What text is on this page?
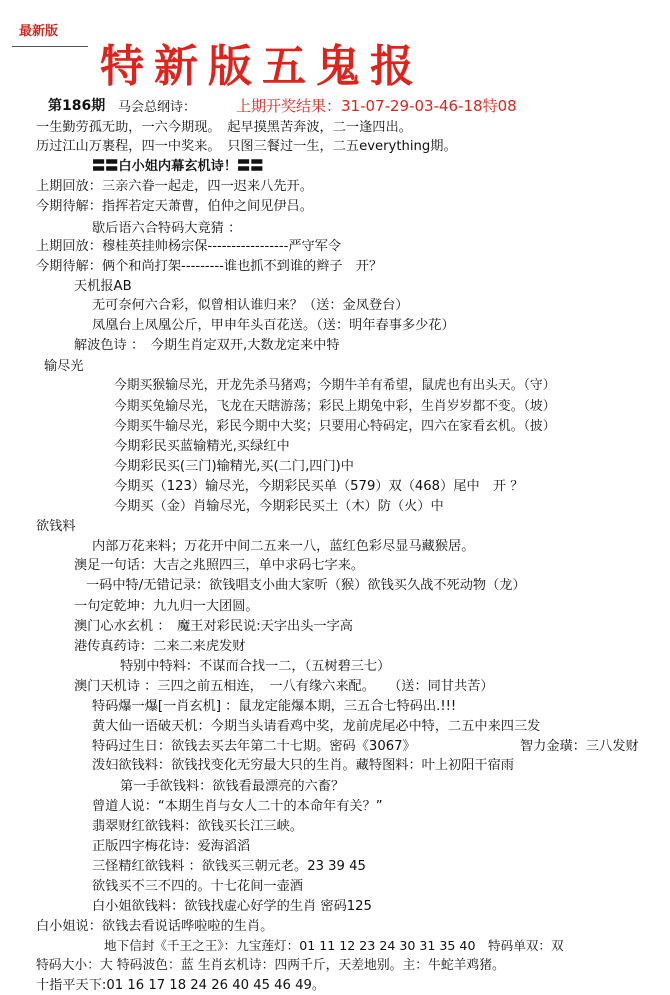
最新版
特新版五鬼报
第186期 马会总纲诗：	上期开奖结果：31-07-29-03-46-18特08
一生勤劳孤无助，一六今期现。　起早摸黑苦奔波，二一逢四出。
历过江山万裹程，四一中奖来。　只图三餐过一生，二五everything期。
〓〓白小姐内幕玄机诗！〓〓
上期回放：三亲六眷一起走，四一迟来八先开。
今期待解：指挥若定天萧曹，伯仲之间见伊吕。
歇后语六合特码大竟猜 ：
上期回放：穆桂英挂帅杨宗保-----------------严守军令
今期待解：俩个和尚打架---------谁也抓不到谁的辫子　开？
天机报AB
无可奈何六合彩，似曾相认谁归来？（送：金凤登台）
凤凰台上凤凰公斤，甲申年头百花送。（送：明年春事多少花）
解波色诗 ：　今期生肖定双开,大数龙定来中特
输尽光
今期买猴输尽光，开龙先杀马猪鸡；今期牛羊有希望，鼠虎也有出头天。（守）
今期买兔输尽光，飞龙在天瞎游荡；彩民上期兔中彩，生肖岁岁都不变。（坡）
今期买牛输尽光，彩民今期中大奖；只要用心特码定，四六在家看玄机。（披）
今期彩民买蓝输精光,买绿红中
今期彩民买(三门)输精光,买(二门,四门)中
今期买（123）输尽光，今期彩民买单（579）双（468）尾中　开 ？
今期买（金）肖输尽光，今期彩民买土（木）防（火）中
欲钱料
内部万花来料；万花开中间二五来一八，蓝红色彩尽显马藏猴居。
澳足一句话：大吉之兆照四三，单中求码七字来。
一码中特/无错记录：欲钱唱支小曲大家听（猴）欲钱买久战不死动物（龙）
一句定乾坤：九九归一大团圆。
澳门心水玄机 ：　魔王对彩民说:天字出头一字高
港传真药诗：二来二来虎发财
特别中特料：不谋而合找一二，（五树碧三七）
澳门天机诗 ：三四之前五相连，　一八有缘六来配。　　（送：同甘共苦）
特码爆一爆[一肖玄机] ：鼠龙定能爆本期，三五合七特码出.!!!
黄大仙一语破天机：今期当头请看鸡中奖，龙前虎尾必中特，二五中来四三发
特码过生日：欲钱去买去年第二十七期。密码《3067》	智力金璜：三八发财
泼妇欲钱料：欲钱找变化无穷最大只的生肖。藏特图料：叶上初阳干宿雨
第一手欲钱料：欲钱看最漂亮的六畜？
曾道人说：“本期生肖与女人二十的本命年有关？”
翡翠财红欲钱料：欲钱买长江三峡。
正版四字梅花诗：爱海滔滔
三怪精红欲钱料 ：欲钱买三朝元老。23 39 45
欲钱买不三不四的。十七花间一壶酒
白小姐欲钱料：欲钱找虚心好学的生肖 密码125
白小姐说：欲钱去看说话哗啦啦的生肖。
地下信封《千王之王》：九宝莲灯：01 11 12 23 24 30 31 35 40　特码单双：双
特码大小：大 特码波色：蓝 生肖玄机诗：四两千斤，天差地别。主：牛蛇羊鸡猪。
十指平天下:01 16 17 18 24 26 40 45 46 49。
